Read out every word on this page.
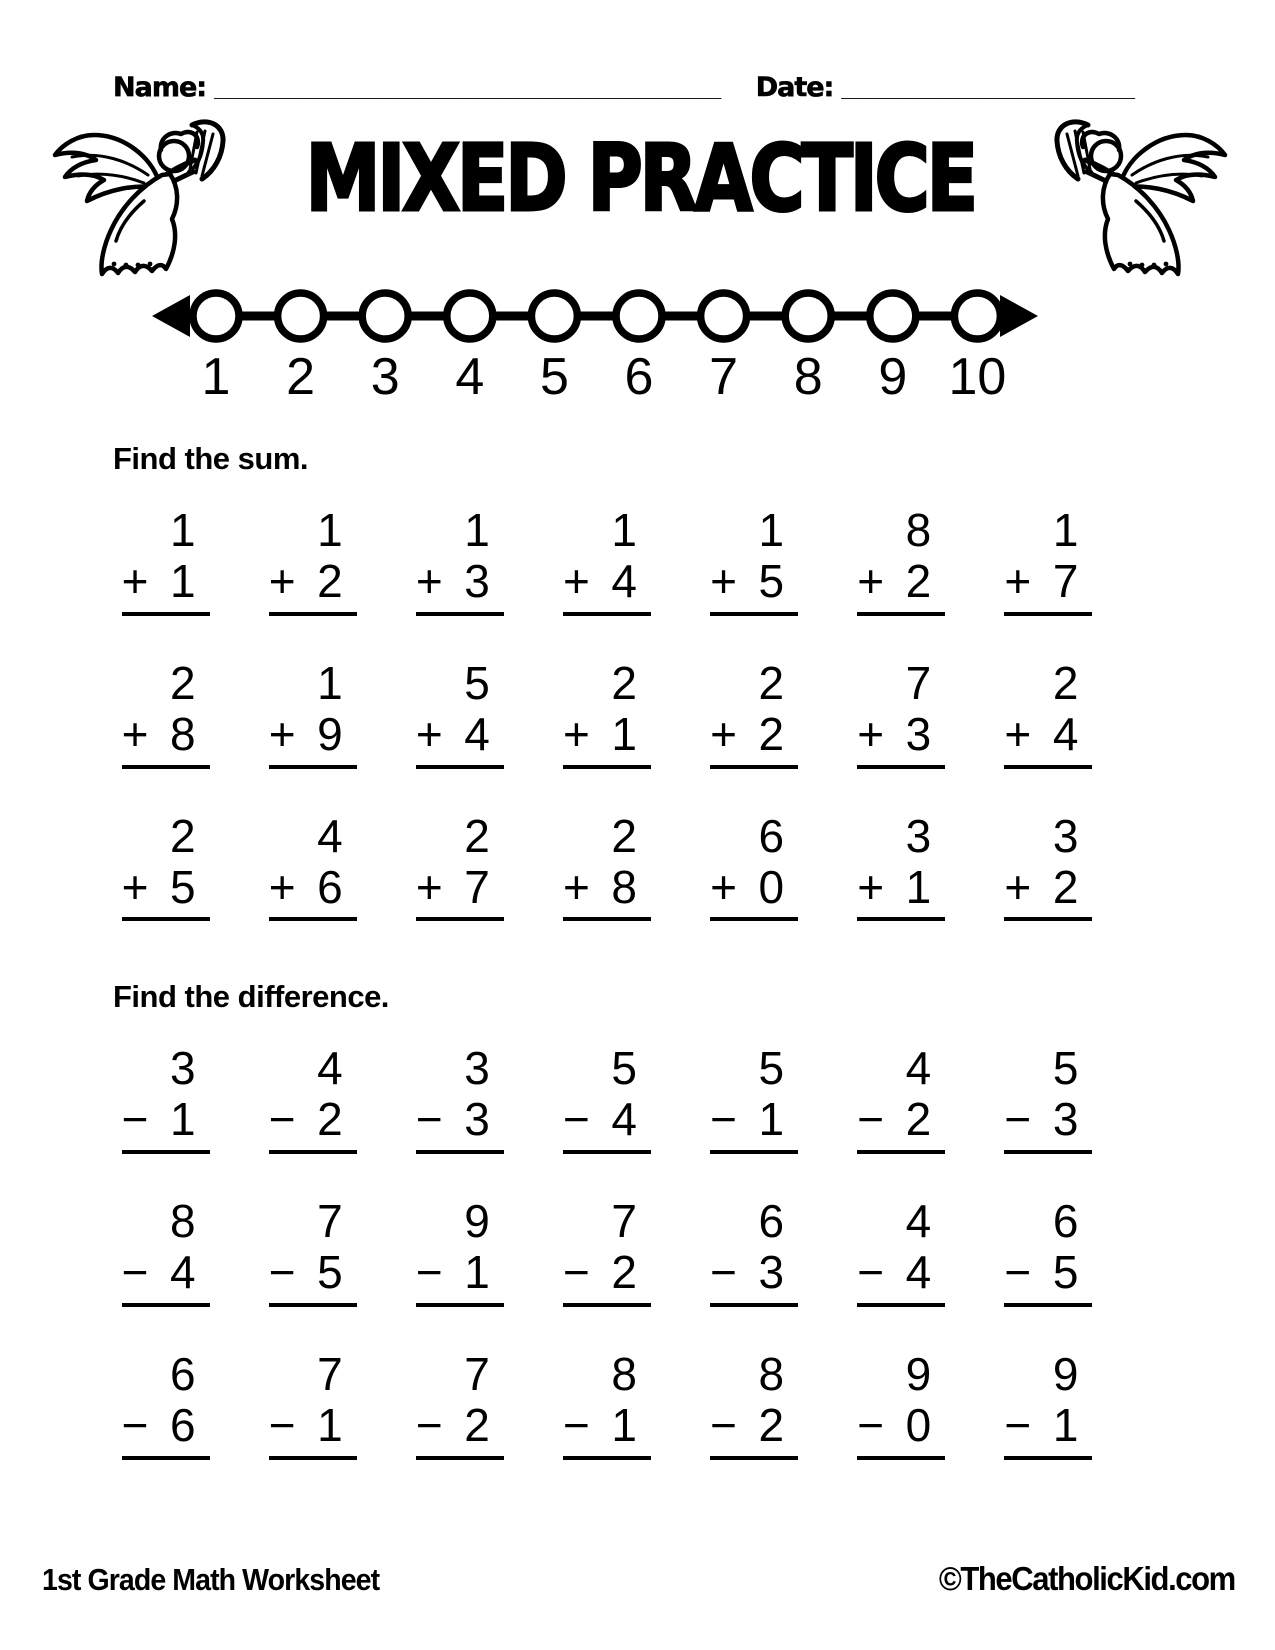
Name: ______________________________________ Date: ______________________
MIXED PRACTICE
1 2 3 4 5 6 7 8 9 10
Find the sum.
1
+ 1
1
+ 2
1
+ 3
1
+ 4
1
+ 5
8
+ 2
1
+ 7
2
+ 8
1
+ 9
5
+ 4
2
+ 1
2
+ 2
7
+ 3
2
+ 4
2
+ 5
4
+ 6
2
+ 7
2
+ 8
6
+ 0
3
+ 1
3
+ 2
Find the difference.
3
− 1
4
− 2
3
− 3
5
− 4
5
− 1
4
− 2
5
− 3
8
− 4
7
− 5
9
− 1
7
− 2
6
− 3
4
− 4
6
− 5
6
− 6
7
− 1
7
− 2
8
− 1
8
− 2
9
− 0
9
− 1
1st Grade Math Worksheet	©TheCatholicKid.com
